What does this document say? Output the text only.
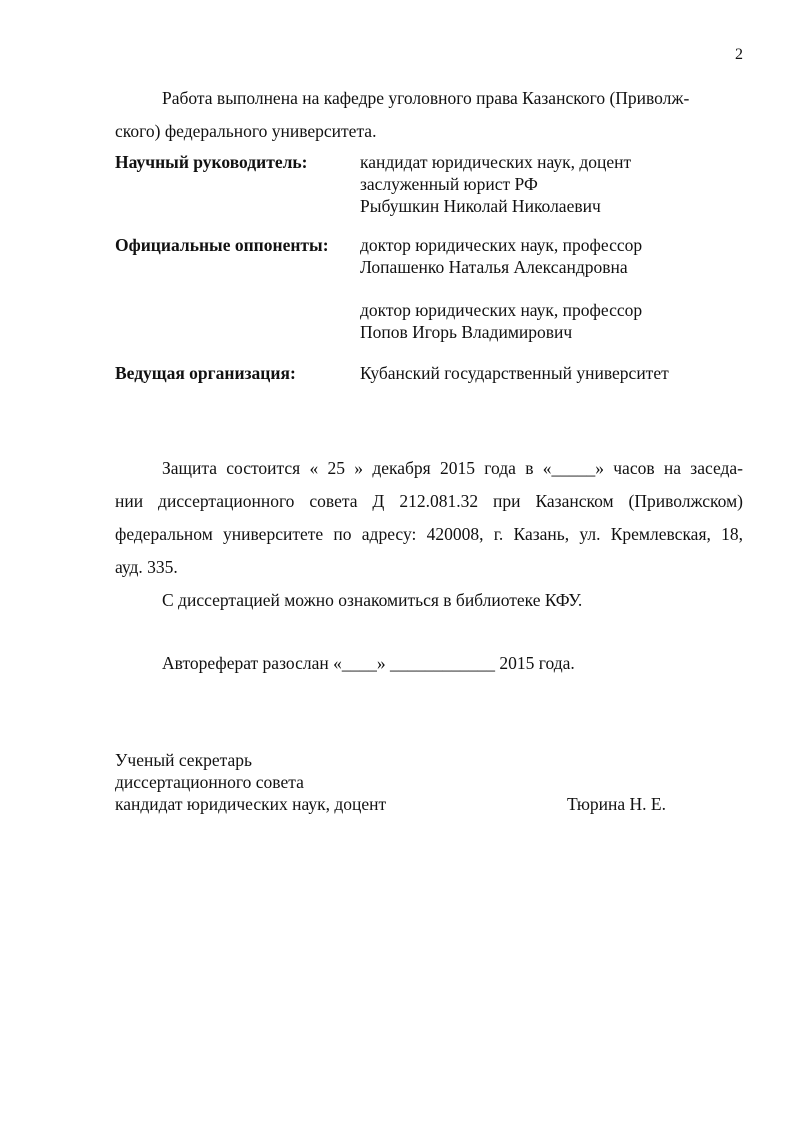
2
Работа выполнена на кафедре уголовного права Казанского (Приволж-
ского) федерального университета.
Научный руководитель:	кандидат юридических наук, доцент
заслуженный юрист РФ
Рыбушкин Николай Николаевич
Официальные оппоненты: доктор юридических наук, профессор
Лопашенко Наталья Александровна
доктор юридических наук, профессор
Попов Игорь Владимирович
Ведущая организация:	Кубанский государственный университет
Защита состоится « 25 » декабря 2015 года в «_____» часов на заседа-
нии диссертационного совета Д 212.081.32 при Казанском (Приволжском)
федеральном университете по адресу: 420008, г. Казань, ул. Кремлевская, 18,
ауд. 335.
С диссертацией можно ознакомиться в библиотеке КФУ.
Автореферат разослан «____» ____________ 2015 года.
Ученый секретарь
диссертационного совета
кандидат юридических наук, доцент	Тюрина Н. Е.
